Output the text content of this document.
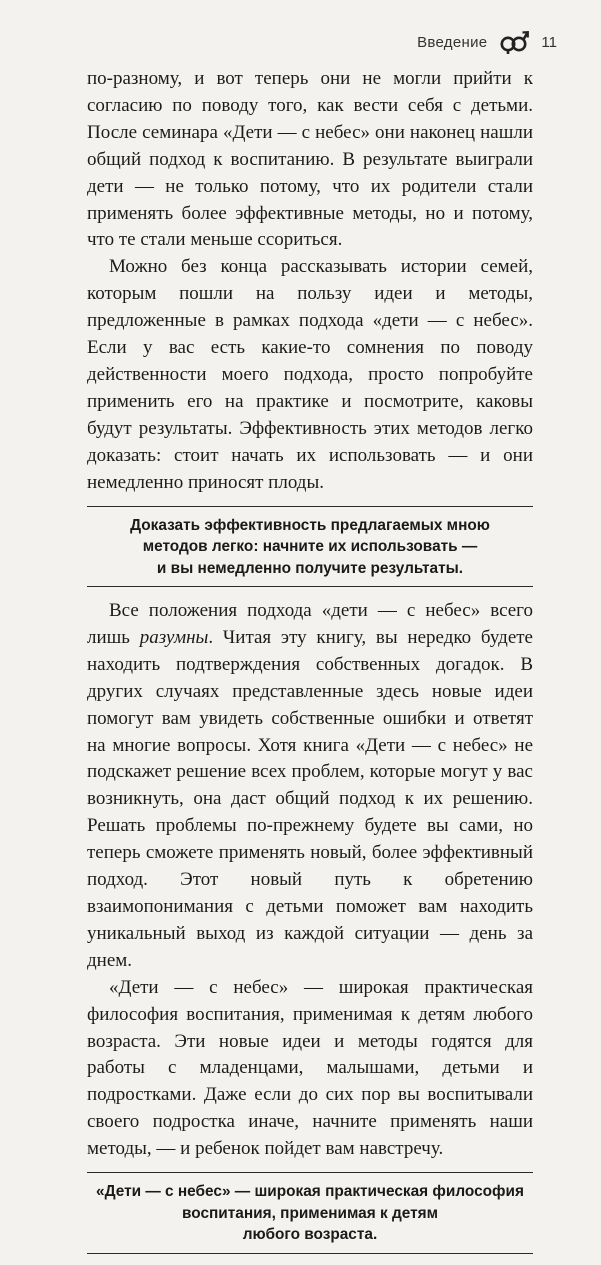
Введение	11

по-разному, и вот теперь они не могли прийти к согласию по поводу того, как вести себя с детьми. После семинара «Дети — с небес» они наконец нашли общий подход к воспитанию. В результате выиграли дети — не только потому, что их родители стали применять более эффективные методы, но и потому, что те стали меньше ссориться.

Можно без конца рассказывать истории семей, которым пошли на пользу идеи и методы, предложенные в рамках подхода «дети — с небес». Если у вас есть какие-то сомнения по поводу действенности моего подхода, просто попробуйте применить его на практике и посмотрите, каковы будут результаты. Эффективность этих методов легко доказать: стоит начать их использовать — и они немедленно приносят плоды.

Доказать эффективность предлагаемых мною
методов легко: начните их использовать —
и вы немедленно получите результаты.

Все положения подхода «дети — с небес» всего лишь разумны. Читая эту книгу, вы нередко будете находить подтверждения собственных догадок. В других случаях представленные здесь новые идеи помогут вам увидеть собственные ошибки и ответят на многие вопросы. Хотя книга «Дети — с небес» не подскажет решение всех проблем, которые могут у вас возникнуть, она даст общий подход к их решению. Решать проблемы по-прежнему будете вы сами, но теперь сможете применять новый, более эффективный подход. Этот новый путь к обретению взаимопонимания с детьми поможет вам находить уникальный выход из каждой ситуации — день за днем.

«Дети — с небес» — широкая практическая философия воспитания, применимая к детям любого возраста. Эти новые идеи и методы годятся для работы с младенцами, малышами, детьми и подростками. Даже если до сих пор вы воспитывали своего подростка иначе, начните применять наши методы, — и ребенок пойдет вам навстречу.

«Дети — с небес» — широкая практическая философия
воспитания, применимая к детям
любого возраста.
